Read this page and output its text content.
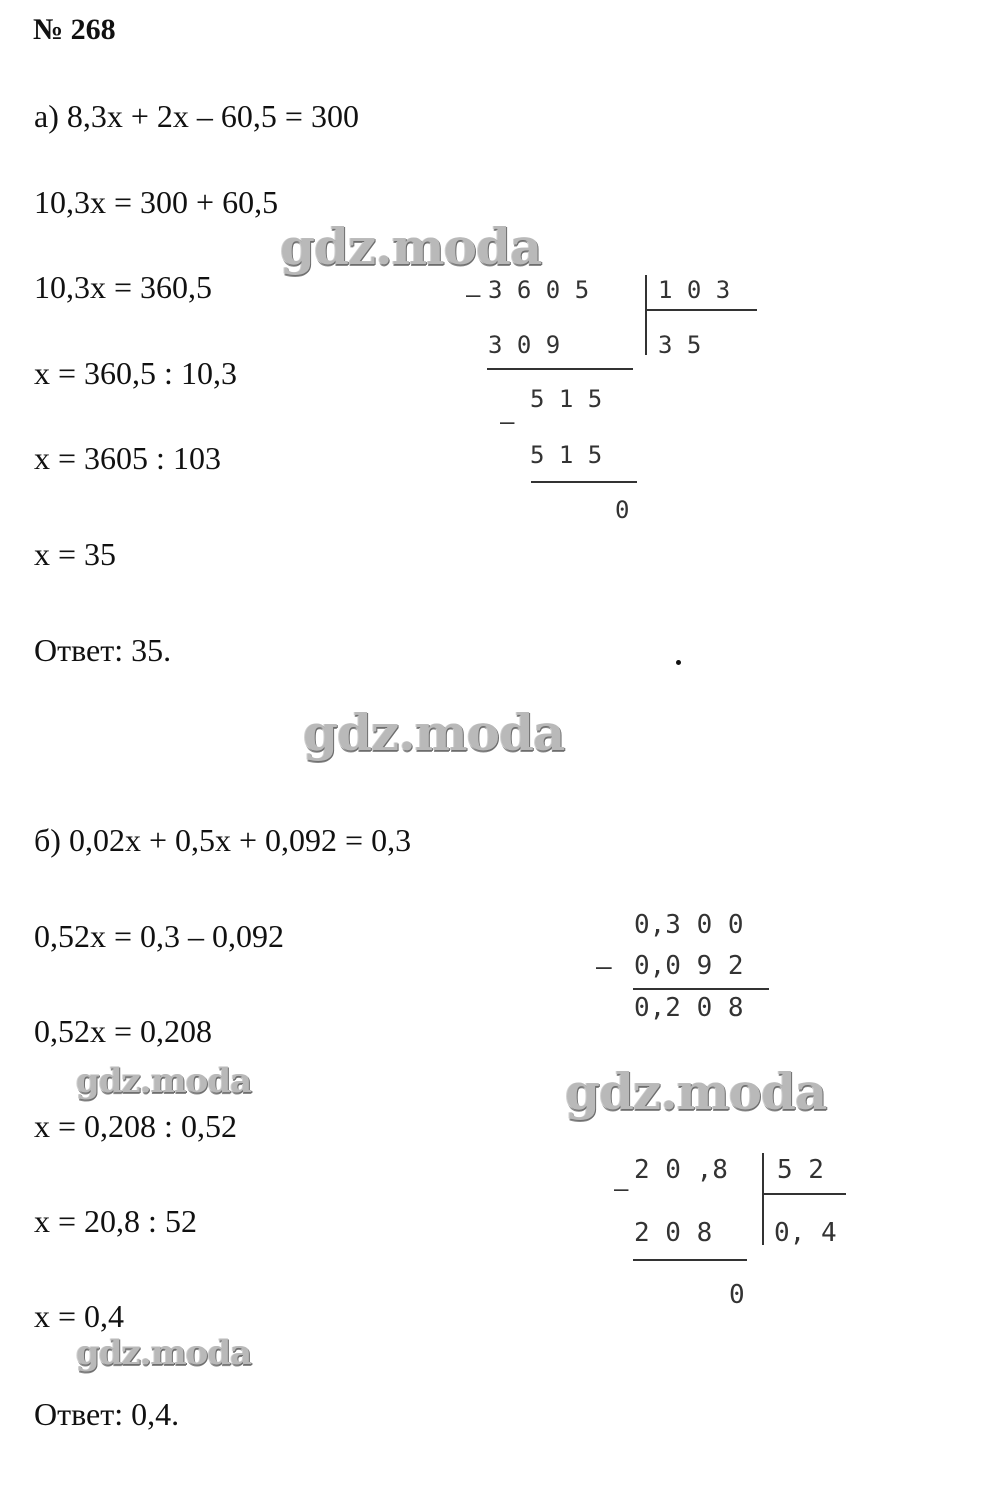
№ 268
а) 8,3x + 2x – 60,5 = 300
10,3x = 300 + 60,5
10,3x = 360,5
x = 360,5 : 10,3
x = 3605 : 103
x = 35
Ответ: 35.
– 3 6 0 5	1 0 3
3 0 9	3 5
–
5 1 5
5 1 5
0
б) 0,02x + 0,5x + 0,092 = 0,3
0,52x = 0,3 – 0,092
0,52x = 0,208
x = 0,208 : 0,52
x = 20,8 : 52
x = 0,4
Ответ: 0,4.
0,3 0 0
– 0,0 9 2
0,2 0 8
–
2 0 ,8 5 2
2 0 8 0, 4
0
gdz.moda
gdz.moda
gdz.moda
gdz.moda
gdz.moda
